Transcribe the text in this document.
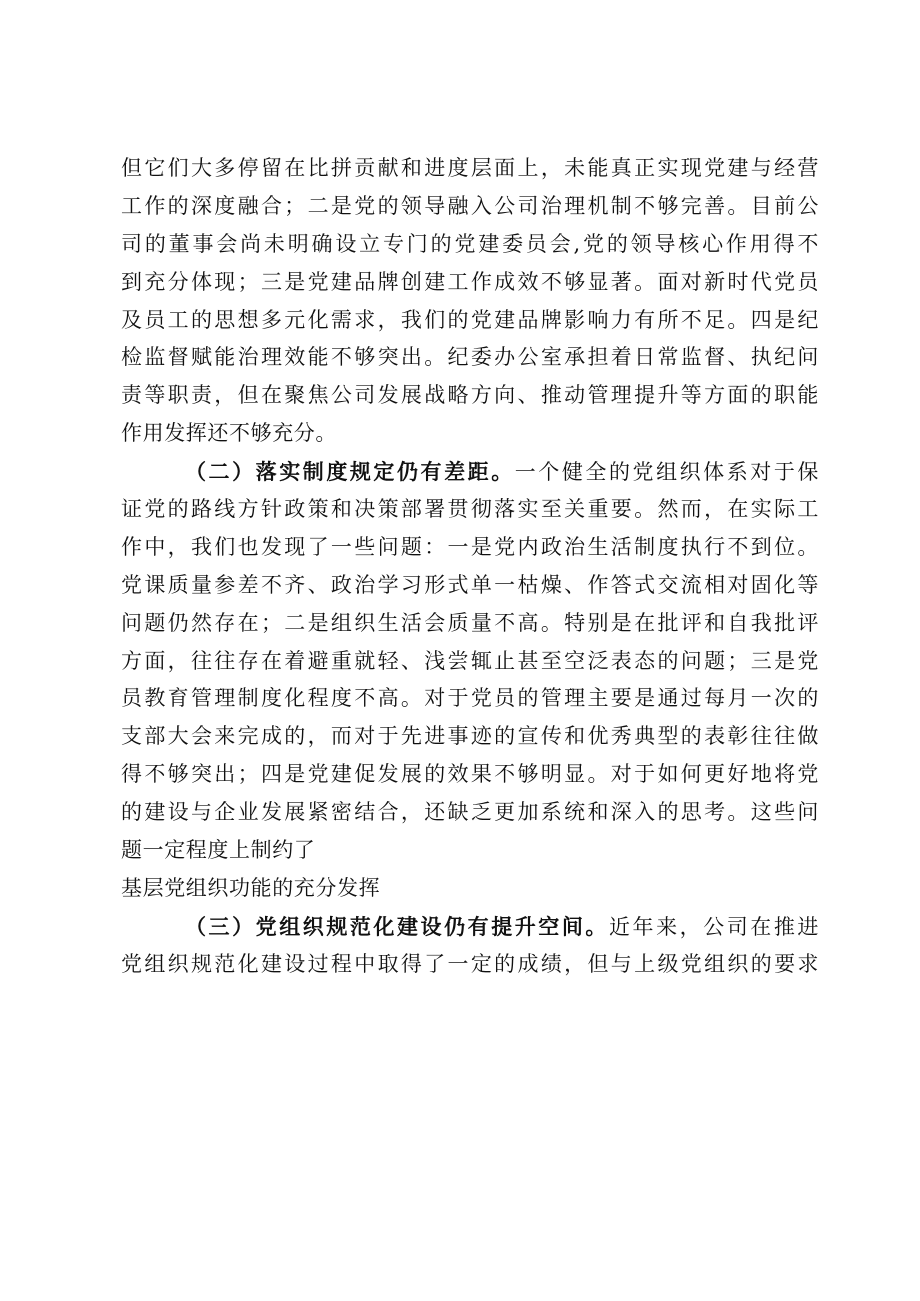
但它们大多停留在比拼贡献和进度层面上，未能真正实现党建与经营
工作的深度融合；二是党的领导融入公司治理机制不够完善。目前公
司的董事会尚未明确设立专门的党建委员会,党的领导核心作用得不
到充分体现；三是党建品牌创建工作成效不够显著。面对新时代党员
及员工的思想多元化需求，我们的党建品牌影响力有所不足。四是纪
检监督赋能治理效能不够突出。纪委办公室承担着日常监督、执纪问
责等职责，但在聚焦公司发展战略方向、推动管理提升等方面的职能
作用发挥还不够充分。
（二）落实制度规定仍有差距。一个健全的党组织体系对于保
证党的路线方针政策和决策部署贯彻落实至关重要。然而，在实际工
作中，我们也发现了一些问题：一是党内政治生活制度执行不到位。
党课质量参差不齐、政治学习形式单一枯燥、作答式交流相对固化等
问题仍然存在；二是组织生活会质量不高。特别是在批评和自我批评
方面，往往存在着避重就轻、浅尝辄止甚至空泛表态的问题；三是党
员教育管理制度化程度不高。对于党员的管理主要是通过每月一次的
支部大会来完成的，而对于先进事迹的宣传和优秀典型的表彰往往做
得不够突出；四是党建促发展的效果不够明显。对于如何更好地将党
的建设与企业发展紧密结合，还缺乏更加系统和深入的思考。这些问
题一定程度上制约了
基层党组织功能的充分发挥
（三）党组织规范化建设仍有提升空间。近年来，公司在推进
党组织规范化建设过程中取得了一定的成绩，但与上级党组织的要求
